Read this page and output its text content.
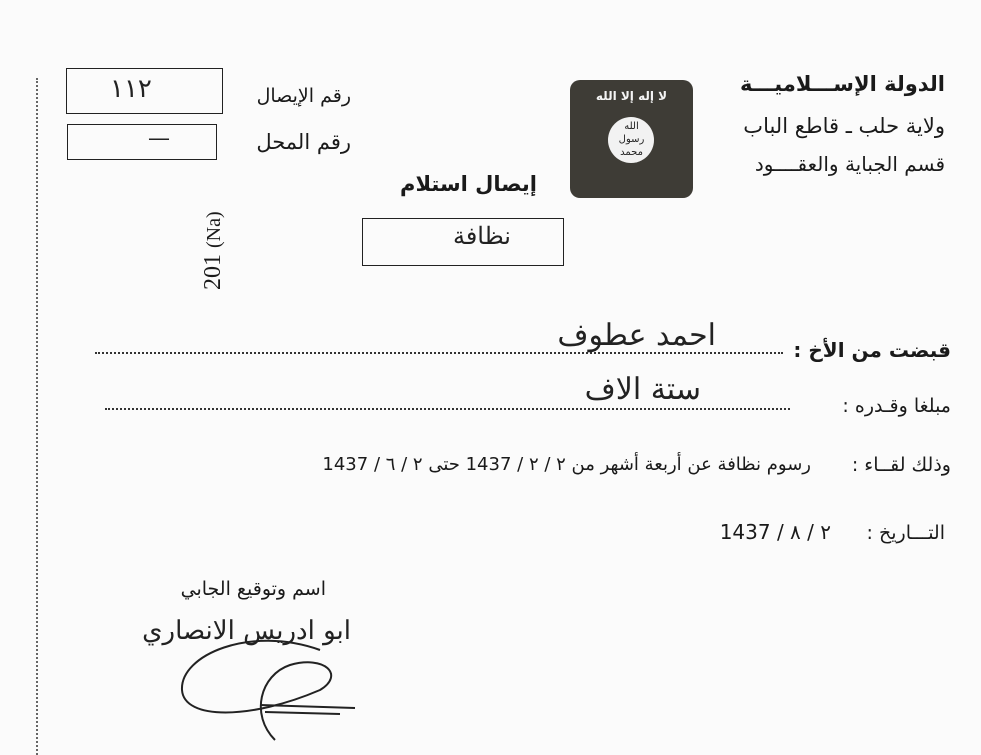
الدولة الإســـلاميـــة
ولاية حلب ـ قاطع الباب
قسم الجباية والعقــــود
لا إله إلا الله
الله
رسول
محمد
رقم الإيصال
١١٢
رقم المحل
—
إيصال استلام
نظافة
201 (Na)
قبضت من الأخ :
احمد عطوف
مبلغا وقـدره :
ستة الاف
وذلك لقــاء :
رسوم نظافة عن أربعة أشهر من ٢ / ٢ / 1437 حتى ٢ / ٦ / 1437
التـــاريخ :
٢ / ٨ / 1437
اسم وتوقيع الجابي
ابو ادريس الانصاري
